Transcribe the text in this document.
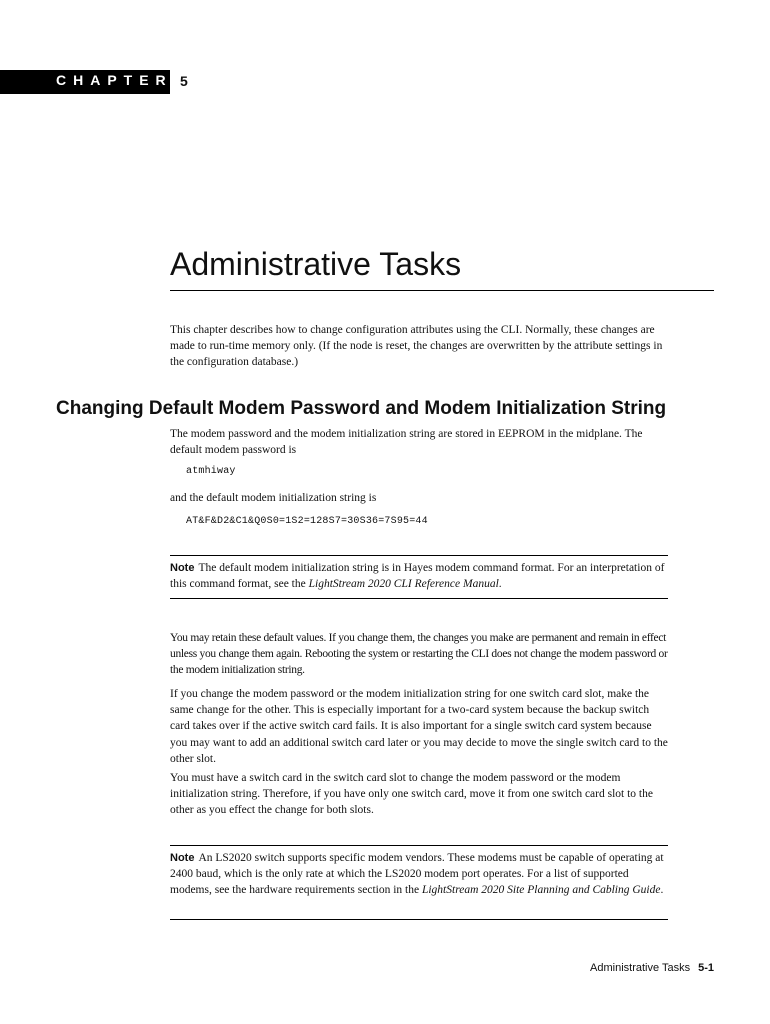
CHAPTER 5
Administrative Tasks

This chapter describes how to change configuration attributes using the CLI. Normally, these changes are made to run-time memory only. (If the node is reset, the changes are overwritten by the attribute settings in the configuration database.)

Changing Default Modem Password and Modem Initialization String

The modem password and the modem initialization string are stored in EEPROM in the midplane. The default modem password is

atmhiway

and the default modem initialization string is

AT&F&D2&C1&Q0S0=1S2=128S7=30S36=7S95=44

Note The default modem initialization string is in Hayes modem command format. For an interpretation of this command format, see the LightStream 2020 CLI Reference Manual.

You may retain these default values. If you change them, the changes you make are permanent and remain in effect unless you change them again. Rebooting the system or restarting the CLI does not change the modem password or the modem initialization string.

If you change the modem password or the modem initialization string for one switch card slot, make the same change for the other. This is especially important for a two-card system because the backup switch card takes over if the active switch card fails. It is also important for a single switch card system because you may want to add an additional switch card later or you may decide to move the single switch card to the other slot.

You must have a switch card in the switch card slot to change the modem password or the modem initialization string. Therefore, if you have only one switch card, move it from one switch card slot to the other as you effect the change for both slots.

Note An LS2020 switch supports specific modem vendors. These modems must be capable of operating at 2400 baud, which is the only rate at which the LS2020 modem port operates. For a list of supported modems, see the hardware requirements section in the LightStream 2020 Site Planning and Cabling Guide.

Administrative Tasks 5-1
